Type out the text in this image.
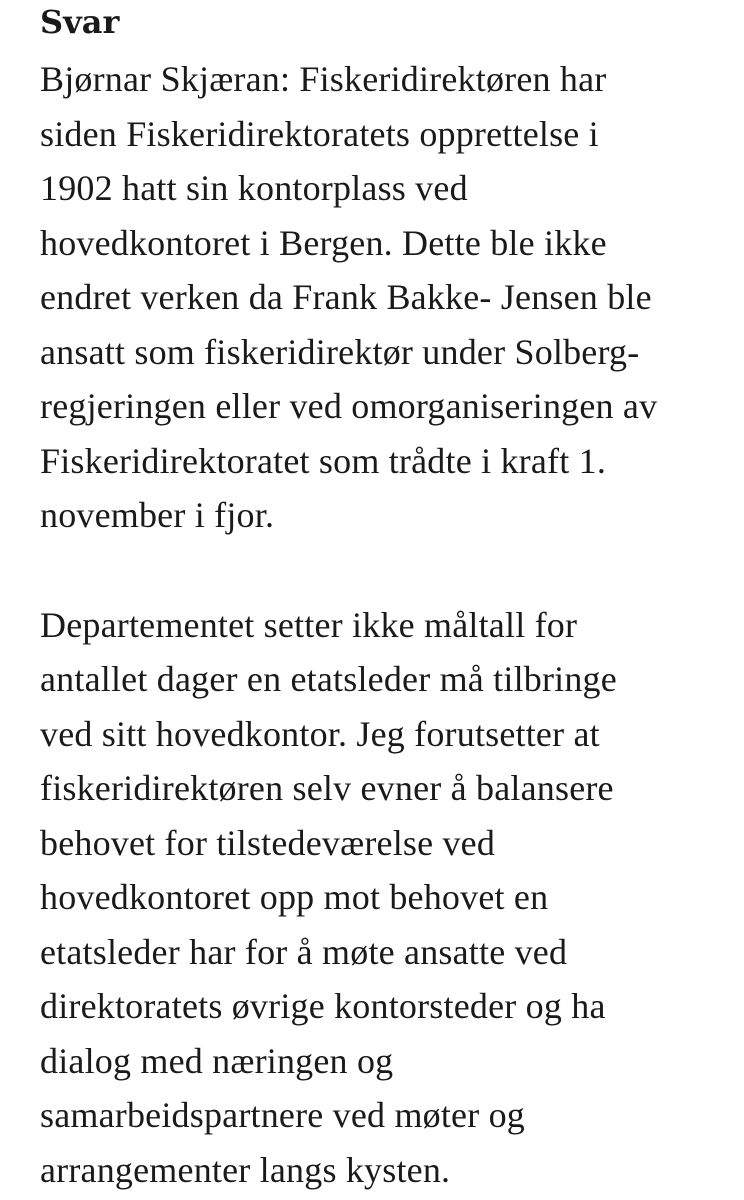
Svar
Bjørnar Skjæran: Fiskeridirektøren har
siden Fiskeridirektoratets opprettelse i
1902 hatt sin kontorplass ved
hovedkontoret i Bergen. Dette ble ikke
endret verken da Frank Bakke- Jensen ble
ansatt som fiskeridirektør under Solberg-
regjeringen eller ved omorganiseringen av
Fiskeridirektoratet som trådte i kraft 1.
november i fjor.
Departementet setter ikke måltall for
antallet dager en etatsleder må tilbringe
ved sitt hovedkontor. Jeg forutsetter at
fiskeridirektøren selv evner å balansere
behovet for tilstedeværelse ved
hovedkontoret opp mot behovet en
etatsleder har for å møte ansatte ved
direktoratets øvrige kontorsteder og ha
dialog med næringen og
samarbeidspartnere ved møter og
arrangementer langs kysten.
